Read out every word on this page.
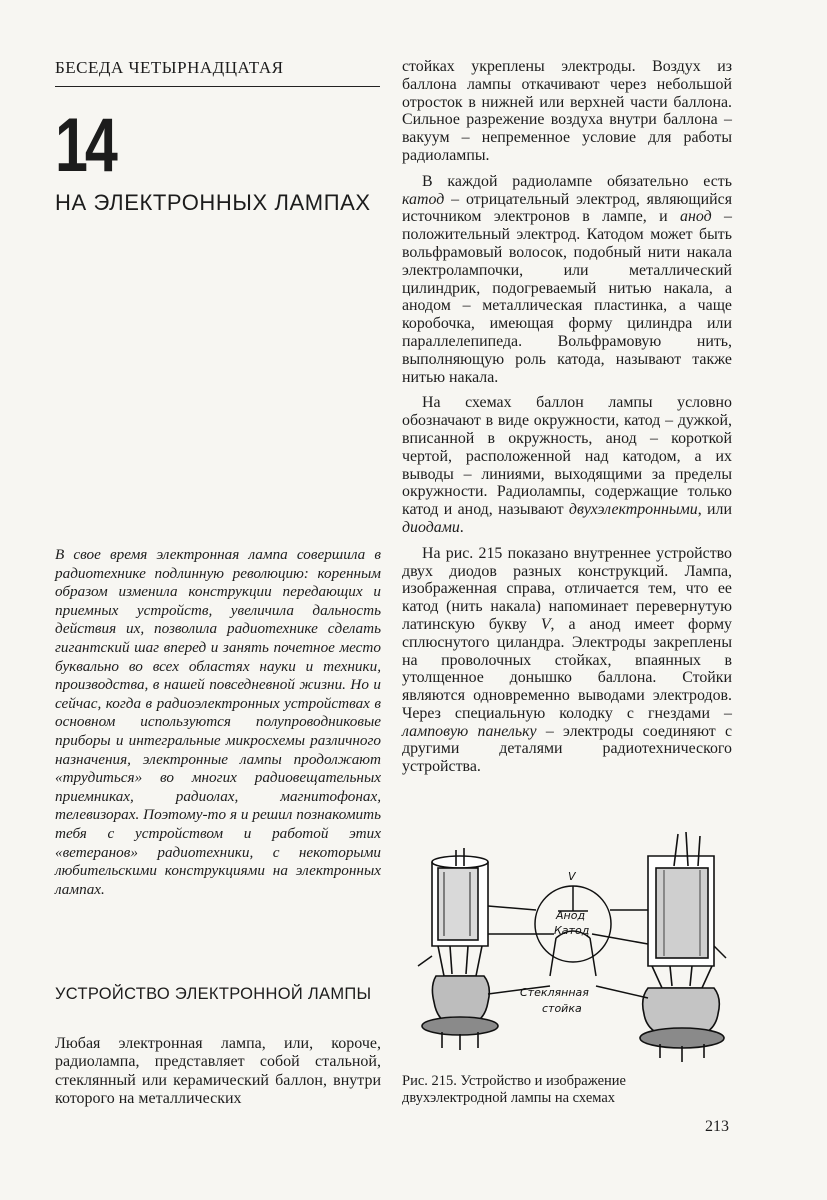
БЕСЕДА ЧЕТЫРНАДЦАТАЯ
14
НА ЭЛЕКТРОННЫХ ЛАМПАХ

В свое время электронная лампа совершила в радиотехнике подлинную революцию: коренным образом изменила конструкции передающих и приемных устройств, увеличила дальность действия их, позволила радиотехнике сделать гигантский шаг вперед и занять почетное место буквально во всех областях науки и техники, производства, в нашей повседневной жизни. Но и сейчас, когда в радиоэлектронных устройствах в основном используются полупроводниковые приборы и интегральные микросхемы различного назначения, электронные лампы продолжают «трудиться» во многих радиовещательных приемниках, радиолах, магнитофонах, телевизорах. Поэтому-то я и решил познакомить тебя с устройством и работой этих «ветеранов» радиотехники, с некоторыми любительскими конструкциями на электронных лампах.

УСТРОЙСТВО ЭЛЕКТРОННОЙ ЛАМПЫ

Любая электронная лампа, или, короче, радиолампа, представляет собой стальной, стеклянный или керамический баллон, внутри которого на металлических

стойках укреплены электроды. Воздух из баллона лампы откачивают через небольшой отросток в нижней или верхней части баллона. Сильное разрежение воздуха внутри баллона – вакуум – непременное условие для работы радиолампы.

В каждой радиолампе обязательно есть катод – отрицательный электрод, являющийся источником электронов в лампе, и анод – положительный электрод. Катодом может быть вольфрамовый волосок, подобный нити накала электролампочки, или металлический цилиндрик, подогреваемый нитью накала, а анодом – металлическая пластинка, а чаще коробочка, имеющая форму цилиндра или параллелепипеда. Вольфрамовую нить, выполняющую роль катода, называют также нитью накала.

На схемах баллон лампы условно обозначают в виде окружности, катод – дужкой, вписанной в окружность, анод – короткой чертой, расположенной над катодом, а их выводы – линиями, выходящими за пределы окружности. Радиолампы, содержащие только катод и анод, называют двухэлектронными, или диодами.

На рис. 215 показано внутреннее устройство двух диодов разных конструкций. Лампа, изображенная справа, отличается тем, что ее катод (нить накала) напоминает перевернутую латинскую букву V, а анод имеет форму сплюснутого циландра. Электроды закреплены на проволочных стойках, впаянных в утолщенное донышко баллона. Стойки являются одновременно выводами электродов. Через специальную колодку с гнездами – ламповую панельку – электроды соединяют с другими деталями радиотехнического устройства.

V
Анод
Катод
Стеклянная
стойка

Рис. 215. Устройство и изображение двухэлектродной лампы на схемах

213
